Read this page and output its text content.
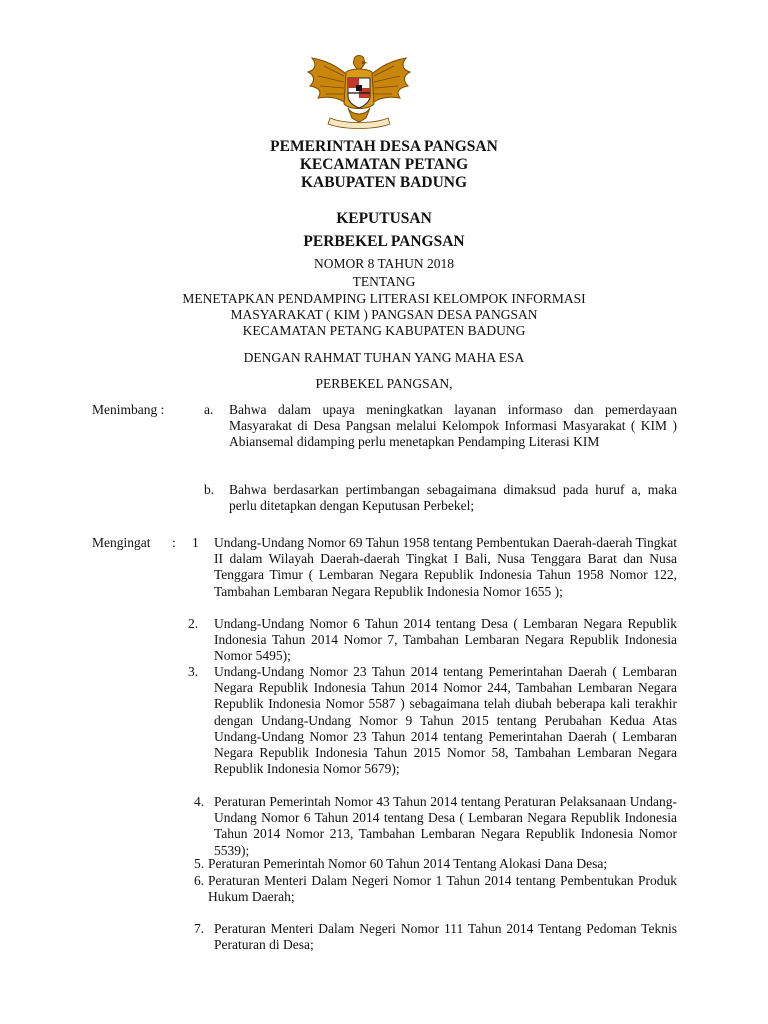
PEMERINTAH DESA PANGSAN
KECAMATAN PETANG
KABUPATEN BADUNG
KEPUTUSAN
PERBEKEL PANGSAN
NOMOR 8 TAHUN 2018
TENTANG
MENETAPKAN PENDAMPING LITERASI KELOMPOK INFORMASI
MASYARAKAT ( KIM ) PANGSAN DESA PANGSAN
KECAMATAN PETANG KABUPATEN BADUNG
DENGAN RAHMAT TUHAN YANG MAHA ESA
PERBEKEL PANGSAN,
Menimbang :	a. Bahwa dalam upaya meningkatkan layanan informaso dan pemerdayaan Masyarakat di Desa Pangsan melalui Kelompok Informasi Masyarakat ( KIM ) Abiansemal didamping perlu menetapkan Pendamping Literasi KIM
b. Bahwa berdasarkan pertimbangan sebagaimana dimaksud pada huruf a, maka perlu ditetapkan dengan Keputusan Perbekel;
Mengingat : 1 Undang-Undang Nomor 69 Tahun 1958 tentang Pembentukan Daerah-daerah Tingkat II dalam Wilayah Daerah-daerah Tingkat I Bali, Nusa Tenggara Barat dan Nusa Tenggara Timur ( Lembaran Negara Republik Indonesia Tahun 1958 Nomor 122, Tambahan Lembaran Negara Republik Indonesia Nomor 1655 );
2. Undang-Undang Nomor 6 Tahun 2014 tentang Desa ( Lembaran Negara Republik Indonesia Tahun 2014 Nomor 7, Tambahan Lembaran Negara Republik Indonesia Nomor 5495);
3. Undang-Undang Nomor 23 Tahun 2014 tentang Pemerintahan Daerah ( Lembaran Negara Republik Indonesia Tahun 2014 Nomor 244, Tambahan Lembaran Negara Republik Indonesia Nomor 5587 ) sebagaimana telah diubah beberapa kali terakhir dengan Undang-Undang Nomor 9 Tahun 2015 tentang Perubahan Kedua Atas Undang-Undang Nomor 23 Tahun 2014 tentang Pemerintahan Daerah ( Lembaran Negara Republik Indonesia Tahun 2015 Nomor 58, Tambahan Lembaran Negara Republik Indonesia Nomor 5679);
4. Peraturan Pemerintah Nomor 43 Tahun 2014 tentang Peraturan Pelaksanaan Undang-Undang Nomor 6 Tahun 2014 tentang Desa ( Lembaran Negara Republik Indonesia Tahun 2014 Nomor 213, Tambahan Lembaran Negara Republik Indonesia Nomor 5539);
5. Peraturan Pemerintah Nomor 60 Tahun 2014 Tentang Alokasi Dana Desa;
6. Peraturan Menteri Dalam Negeri Nomor 1 Tahun 2014 tentang Pembentukan Produk Hukum Daerah;
7. Peraturan Menteri Dalam Negeri Nomor 111 Tahun 2014 Tentang Pedoman Teknis Peraturan di Desa;
